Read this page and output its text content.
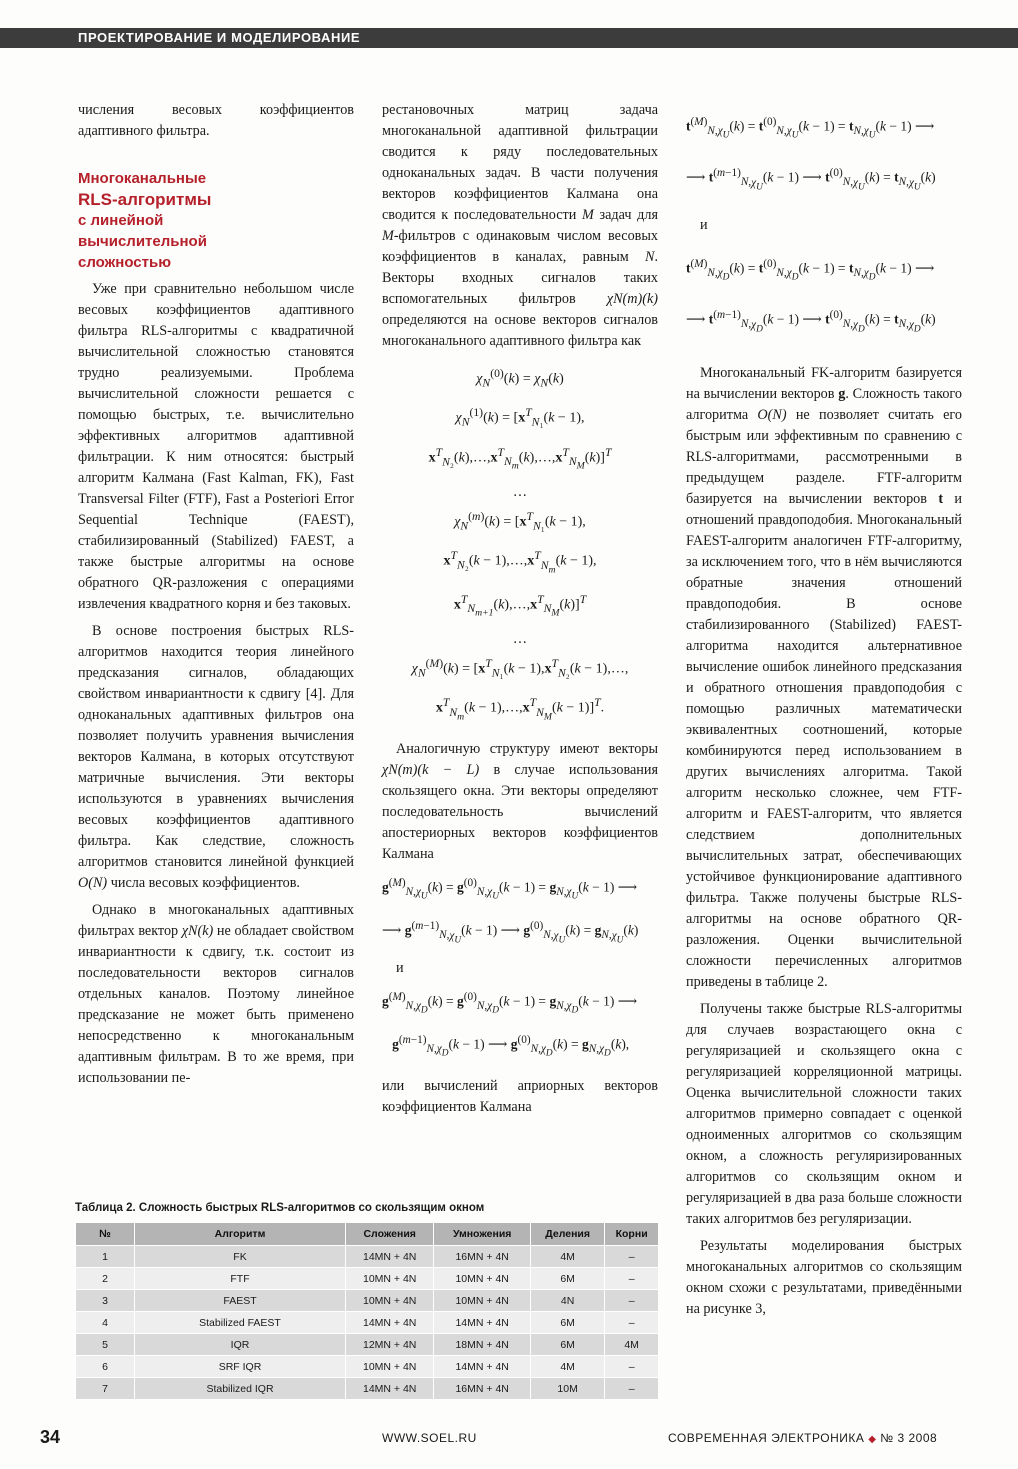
ПРОЕКТИРОВАНИЕ И МОДЕЛИРОВАНИЕ

числения весовых коэффициентов адаптивного фильтра.

Многоканальные
RLS-алгоритмы
с линейной
вычислительной
сложностью

Уже при сравнительно небольшом числе весовых коэффициентов адаптивного фильтра RLS-алгоритмы с квадратичной вычислительной сложностью становятся трудно реализуемыми. Проблема вычислительной сложности решается с помощью быстрых, т.е. вычислительно эффективных алгоритмов адаптивной фильтрации. К ним относятся: быстрый алгоритм Калмана (Fast Kalman, FK), Fast Transversal Filter (FTF), Fast a Posteriori Error Sequential Technique (FAEST), стабилизированный (Stabilized) FAEST, а также быстрые алгоритмы на основе обратного QR-разложения с операциями извлечения квадратного корня и без таковых.

В основе построения быстрых RLS-алгоритмов находится теория линейного предсказания сигналов, обладающих свойством инвариантности к сдвигу [4]. Для одноканальных адаптивных фильтров она позволяет получить уравнения вычисления векторов Калмана, в которых отсутствуют матричные вычисления. Эти векторы используются в уравнениях вычисления весовых коэффициентов адаптивного фильтра. Как следствие, сложность алгоритмов становится линейной функцией O(N) числа весовых коэффициентов.

Однако в многоканальных адаптивных фильтрах вектор χN(k) не обладает свойством инвариантности к сдвигу, т.к. состоит из последовательности векторов сигналов отдельных каналов. Поэтому линейное предсказание не может быть применено непосредственно к многоканальным адаптивным фильтрам. В то же время, при использовании пе-

рестановочных матриц задача многоканальной адаптивной фильтрации сводится к ряду последовательных одноканальных задач. В части получения векторов коэффициентов Калмана она сводится к последовательности M задач для M-фильтров с одинаковым числом весовых коэффициентов в каналах, равным N. Векторы входных сигналов таких вспомогательных фильтров χN(m)(k) определяются на основе векторов сигналов многоканального адаптивного фильтра как

$\chi_N^{(0)}(k) = \chi_N(k)$
$\chi_N^{(1)}(k) = [x^T_{N_1}(k - 1)$,
$x^T_{N_2}(k),\dots,x^T_{N_m}(k),\dots,x^T_{N_M}(k)]^T$
…
$\chi_N^{(m)}(k) = [x^T_{N_1}(k - 1)$,
$x^T_{N_2}(k$ − $1),\dots,x^T_{N_m}(k - 1)$,
$x^T_{N_{m+1}}(k),\dots,x^T_{N_M}(k)]^T$
…
$\chi_N^{(M)}(k) = [x^T_{N_1}(k - 1),x^T_{N_2}(k$ − 1),…,
$x^T_{N_m}(k$ − $1),\dots,x^T_{N_M}(k - 1)]^T$.

Аналогичную структуру имеют векторы χN(m)(k − L) в случае использования скользящего окна. Эти векторы определяют последовательность вычислений апостериорных векторов коэффициентов Калмана

$g^{(M)}_{N,\chi_U}(k) = g^{(0)}_{N,\chi_U}(k - 1) = g_{N,\chi_U}(k - 1)$ ⟶
⟶ $g^{(m-1)}_{N,\chi_U}(k - 1)$ ⟶ $g^{(0)}_{N,\chi_U}(k) = g_{N,\chi_U}(k)$
и
$g^{(M)}_{N,\chi_D}(k) = g^{(0)}_{N,\chi_D}(k - 1) = g_{N,\chi_D}(k - 1)$ ⟶
$g^{(m-1)}_{N,\chi_D}(k - 1)$ ⟶ $g^{(0)}_{N,\chi_D}(k) = g_{N,\chi_D}(k)$,

или вычислений априорных векторов коэффициентов Калмана

$t^{(M)}_{N,\chi_U}(k) = t^{(0)}_{N,\chi_U}(k - 1) = t_{N,\chi_U}(k - 1)$ ⟶
⟶ $t^{(m-1)}_{N,\chi_U}(k - 1)$ ⟶ $t^{(0)}_{N,\chi_U}(k) = t_{N,\chi_U}(k)$
и
$t^{(M)}_{N,\chi_D}(k) = t^{(0)}_{N,\chi_D}(k - 1) = t_{N,\chi_D}(k - 1)$ ⟶
⟶ $t^{(m-1)}_{N,\chi_D}(k - 1)$ ⟶ $t^{(0)}_{N,\chi_D}(k) = t_{N,\chi_D}(k)$

Многоканальный FK-алгоритм базируется на вычислении векторов g. Сложность такого алгоритма O(N) не позволяет считать его быстрым или эффективным по сравнению с RLS-алгоритмами, рассмотренными в предыдущем разделе. FTF-алгоритм базируется на вычислении векторов t и отношений правдоподобия. Многоканальный FAEST-алгоритм аналогичен FTF-алгоритму, за исключением того, что в нём вычисляются обратные значения отношений правдоподобия. В основе стабилизированного (Stabilized) FAEST-алгоритма находится альтернативное вычисление ошибок линейного предсказания и обратного отношения правдоподобия с помощью различных математически эквивалентных соотношений, которые комбинируются перед использованием в других вычислениях алгоритма. Такой алгоритм несколько сложнее, чем FTF-алгоритм и FAEST-алгоритм, что является следствием дополнительных вычислительных затрат, обеспечивающих устойчивое функционирование адаптивного фильтра. Также получены быстрые RLS-алгоритмы на основе обратного QR-разложения. Оценки вычислительной сложности перечисленных алгоритмов приведены в таблице 2.

Получены также быстрые RLS-алгоритмы для случаев возрастающего окна с регуляризацией и скользящего окна с регуляризацией корреляционной матрицы. Оценка вычислительной сложности таких алгоритмов примерно совпадает с оценкой одноименных алгоритмов со скользящим окном, а сложность регуляризированных алгоритмов со скользящим окном и регуляризацией в два раза больше сложности таких алгоритмов без регуляризации.

Результаты моделирования быстрых многоканальных алгоритмов со скользящим окном схожи с результатами, приведёнными на рисунке 3,

Таблица 2. Сложность быстрых RLS-алгоритмов со скользящим окном
№	Алгоритм	Сложения	Умножения	Деления	Корни
1	FK	14MN + 4N	16MN + 4N	4M	–
2	FTF	10MN + 4N	10MN + 4N	6M	–
3	FAEST	10MN + 4N	10MN + 4N	4N	–
4	Stabilized FAEST	14MN + 4N	14MN + 4N	6M	–
5	IQR	12MN + 4N	18MN + 4N	6M	4M
6	SRF IQR	10MN + 4N	14MN + 4N	4M	–
7	Stabilized IQR	14MN + 4N	16MN + 4N	10M	–
34	WWW.SOEL.RU	СОВРЕМЕННАЯ ЭЛЕКТРОНИКА ◆ № 3 2008
